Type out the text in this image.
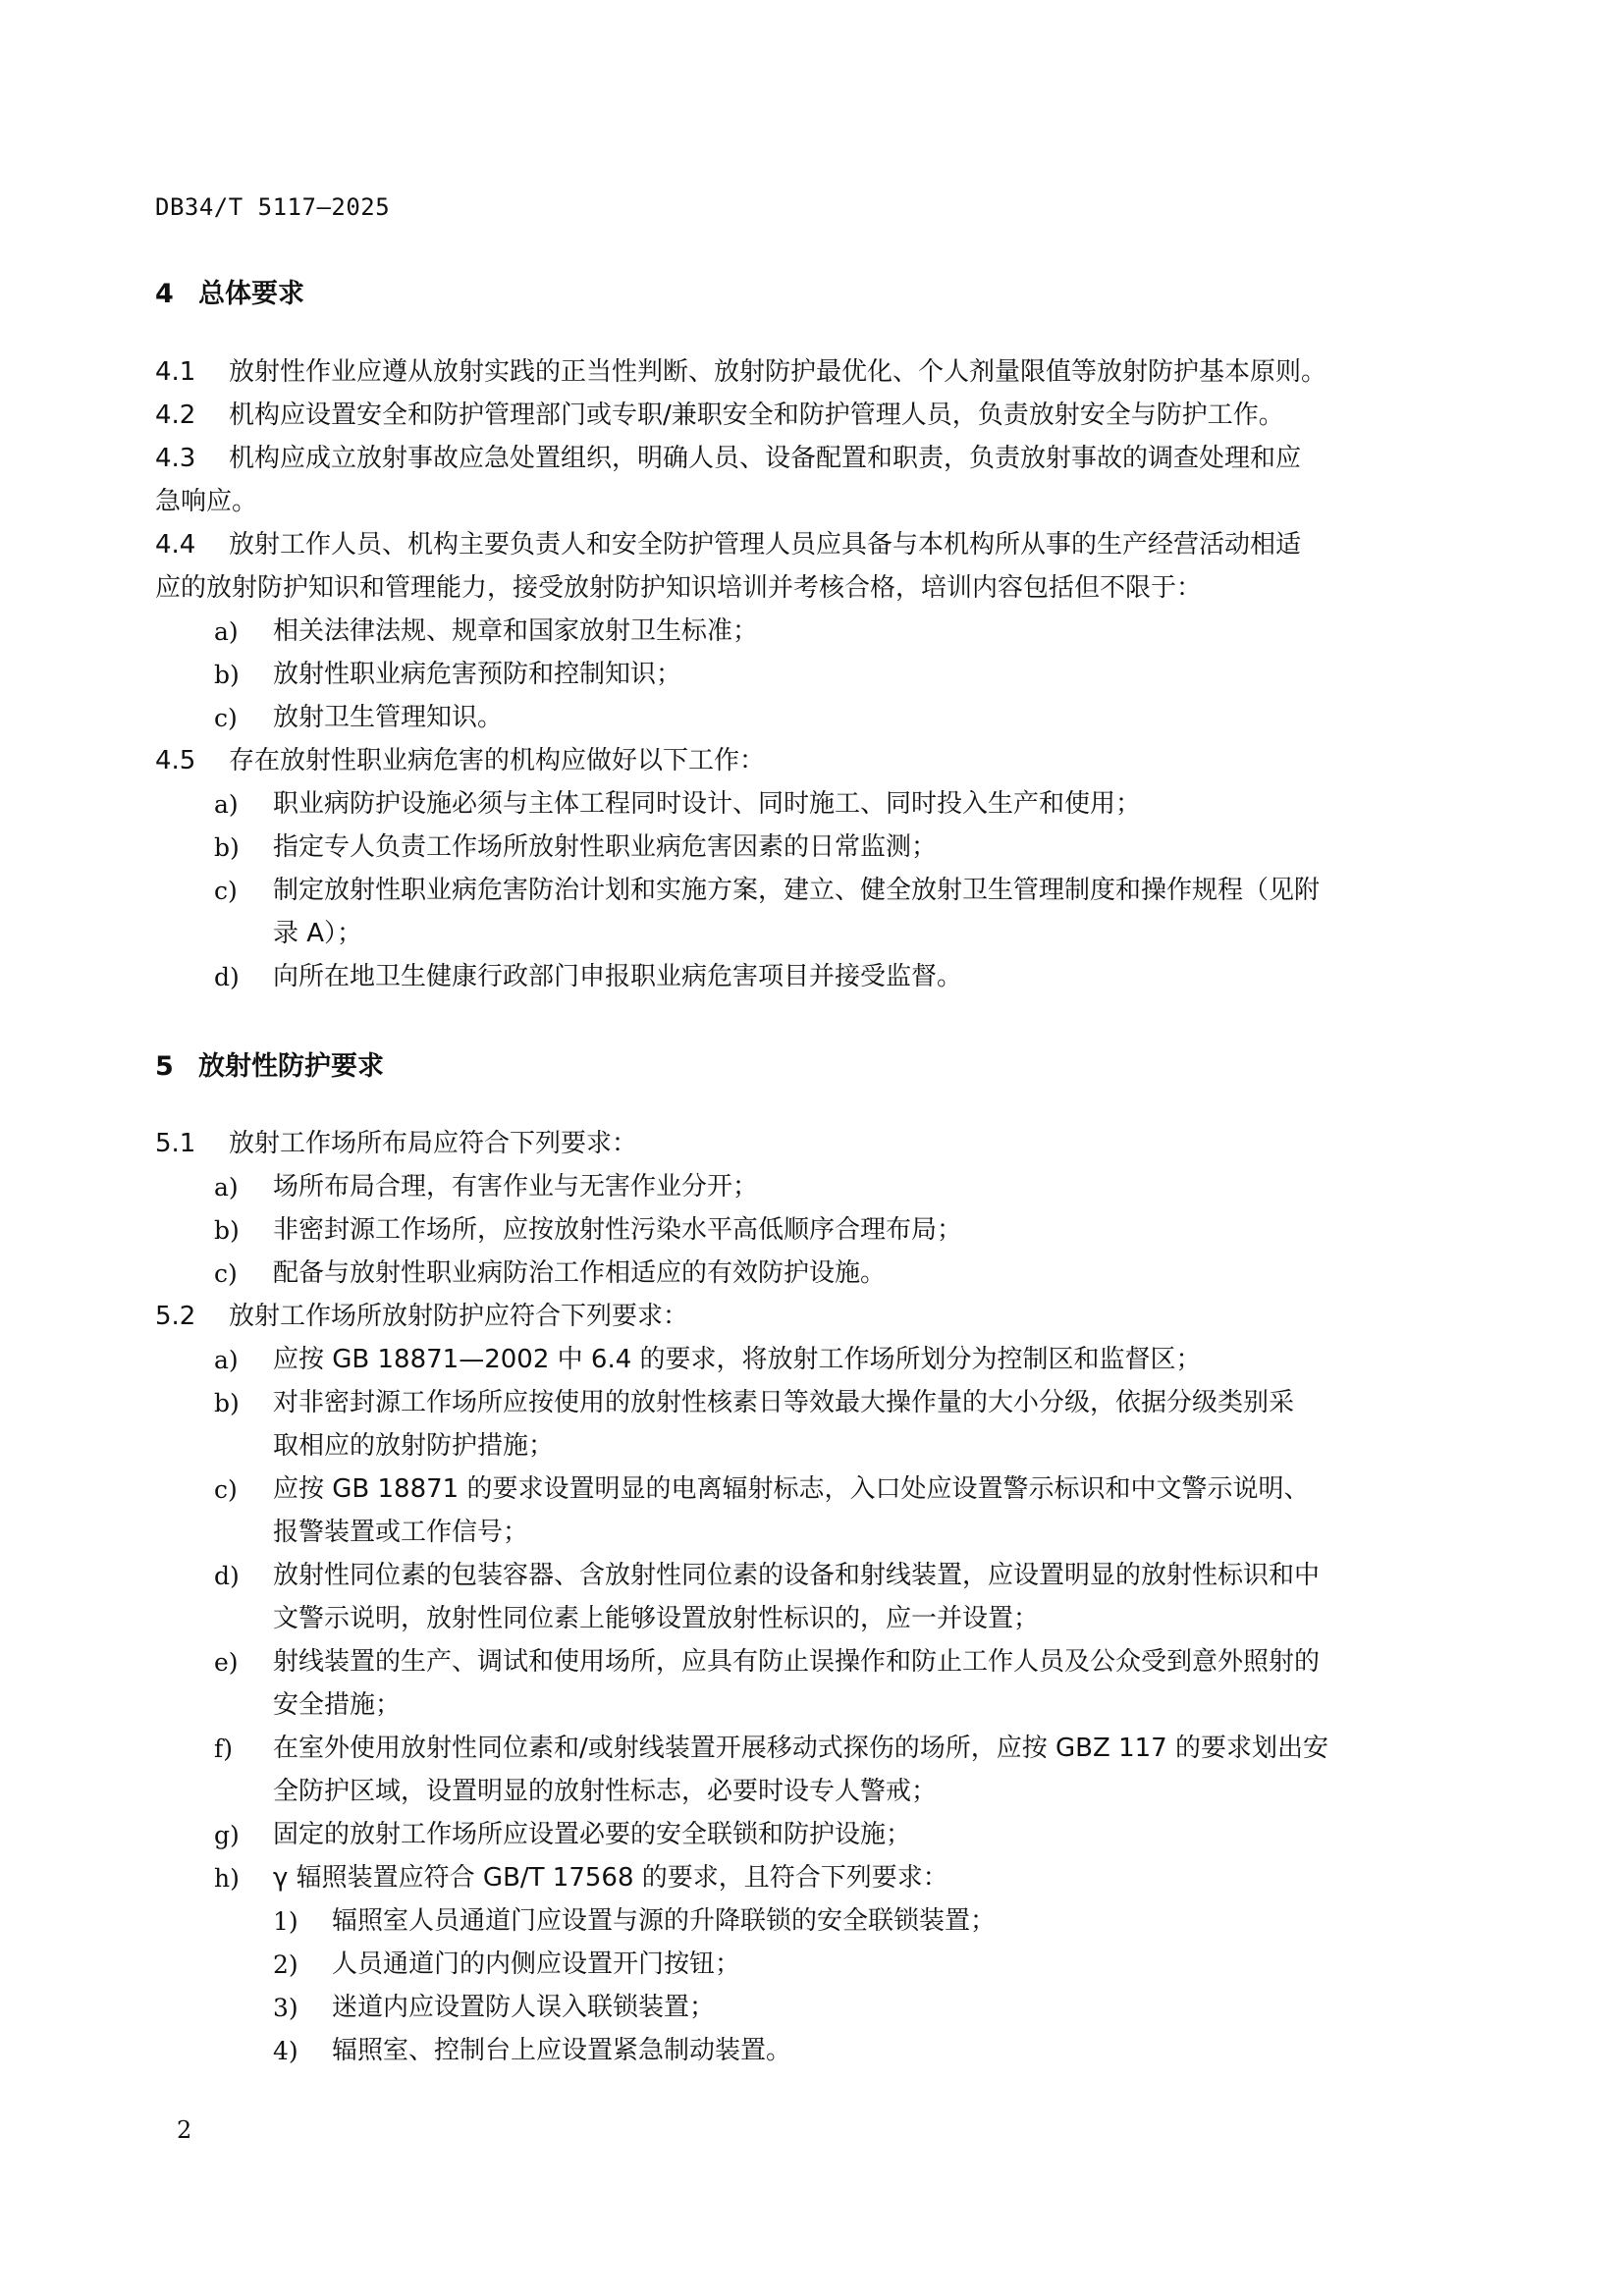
DB34/T 5117—2025
4 总体要求
4.1 放射性作业应遵从放射实践的正当性判断、放射防护最优化、个人剂量限值等放射防护基本原则。
4.2 机构应设置安全和防护管理部门或专职/兼职安全和防护管理人员，负责放射安全与防护工作。
4.3 机构应成立放射事故应急处置组织，明确人员、设备配置和职责，负责放射事故的调查处理和应
急响应。
4.4 放射工作人员、机构主要负责人和安全防护管理人员应具备与本机构所从事的生产经营活动相适
应的放射防护知识和管理能力，接受放射防护知识培训并考核合格，培训内容包括但不限于：
a) 相关法律法规、规章和国家放射卫生标准；
b) 放射性职业病危害预防和控制知识；
c) 放射卫生管理知识。
4.5 存在放射性职业病危害的机构应做好以下工作：
a) 职业病防护设施必须与主体工程同时设计、同时施工、同时投入生产和使用；
b) 指定专人负责工作场所放射性职业病危害因素的日常监测；
c) 制定放射性职业病危害防治计划和实施方案，建立、健全放射卫生管理制度和操作规程（见附
录 A）；
d) 向所在地卫生健康行政部门申报职业病危害项目并接受监督。
5 放射性防护要求
5.1 放射工作场所布局应符合下列要求：
a) 场所布局合理，有害作业与无害作业分开；
b) 非密封源工作场所，应按放射性污染水平高低顺序合理布局；
c) 配备与放射性职业病防治工作相适应的有效防护设施。
5.2 放射工作场所放射防护应符合下列要求：
a) 应按 GB 18871—2002 中 6.4 的要求，将放射工作场所划分为控制区和监督区；
b) 对非密封源工作场所应按使用的放射性核素日等效最大操作量的大小分级，依据分级类别采
取相应的放射防护措施；
c) 应按 GB 18871 的要求设置明显的电离辐射标志，入口处应设置警示标识和中文警示说明、
报警装置或工作信号；
d) 放射性同位素的包装容器、含放射性同位素的设备和射线装置，应设置明显的放射性标识和中
文警示说明，放射性同位素上能够设置放射性标识的，应一并设置；
e) 射线装置的生产、调试和使用场所，应具有防止误操作和防止工作人员及公众受到意外照射的
安全措施；
f) 在室外使用放射性同位素和/或射线装置开展移动式探伤的场所，应按 GBZ 117 的要求划出安
全防护区域，设置明显的放射性标志，必要时设专人警戒；
g) 固定的放射工作场所应设置必要的安全联锁和防护设施；
h) γ 辐照装置应符合 GB/T 17568 的要求，且符合下列要求：
1) 辐照室人员通道门应设置与源的升降联锁的安全联锁装置；
2) 人员通道门的内侧应设置开门按钮；
3) 迷道内应设置防人误入联锁装置；
4) 辐照室、控制台上应设置紧急制动装置。
2
